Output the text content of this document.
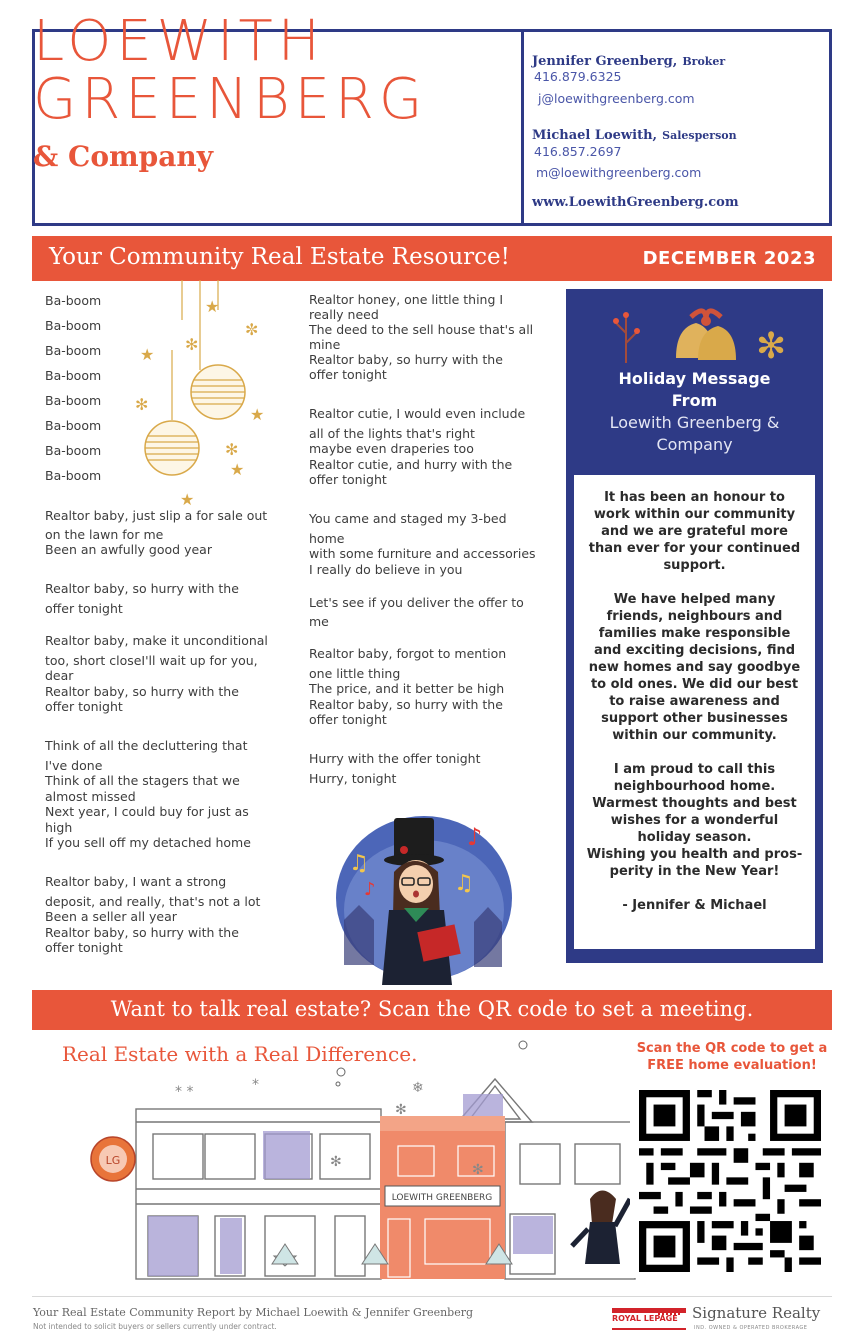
LOEWITH
GREENBERG
& Company
Jennifer Greenberg, Broker
416.879.6325
j@loewithgreenberg.com
Michael Loewith, Salesperson
416.857.2697
m@loewithgreenberg.com
www.LoewithGreenberg.com
Your Community Real Estate Resource!	DECEMBER 2023
✻
✼
✻
✻
★
★
★
★
★

Ba-boom

Ba-boom

Ba-boom

Ba-boom

Ba-boom

Ba-boom

Ba-boom

Ba-boom

Realtor baby, just slip a for sale out

on the lawn for me

Been an awfully good year

Realtor baby, so hurry with the

offer tonight

Realtor baby, make it unconditional

too, short closeI'll wait up for you,

dear

Realtor baby, so hurry with the

offer tonight

Think of all the decluttering that

I've done

Think of all the stagers that we

almost missed

Next year, I could buy for just as

high

If you sell off my detached home

Realtor baby, I want a strong

deposit, and really, that's not a lot

Been a seller all year

Realtor baby, so hurry with the

offer tonight

Realtor honey, one little thing I

really need

The deed to the sell house that's all

mine

Realtor baby, so hurry with the

offer tonight

Realtor cutie, I would even include

all of the lights that's right

maybe even draperies too

Realtor cutie, and hurry with the

offer tonight

You came and staged my 3-bed

home

with some furniture and accessories

I really do believe in you

Let's see if you deliver the offer to

me

Realtor baby, forgot to mention

one little thing

The price, and it better be high

Realtor baby, so hurry with the

offer tonight

Hurry with the offer tonight

Hurry, tonight

♫
♪	♫
♪
✻
Holiday Message
From
Loewith Greenberg &
Company
It has been an honour to
work within our community
and we are grateful more
than ever for your continued
support.
We have helped many
friends, neighbours and
families make responsible
and exciting decisions, find
new homes and say goodbye
to old ones. We did our best
to raise awareness and
support other businesses
within our community.
I am proud to call this
neighbourhood home.
Warmest thoughts and best
wishes for a wonderful
holiday season.
Wishing you health and pros-
perity in the New Year!
- Jennifer & Michael
Want to talk real estate? Scan the QR code to set a meeting.
Real Estate with a Real Difference.
LOEWITH GREENBERG
LG
❄
✻
✻	✻
* *	*
Scan the QR code to get a
FREE home evaluation!
Your Real Estate Community Report by Michael Loewith & Jennifer Greenberg
Not intended to solicit buyers or sellers currently under contract.
ROYAL LEPAGE Signature Realty
IND. OWNED & OPERATED BROKERAGE
